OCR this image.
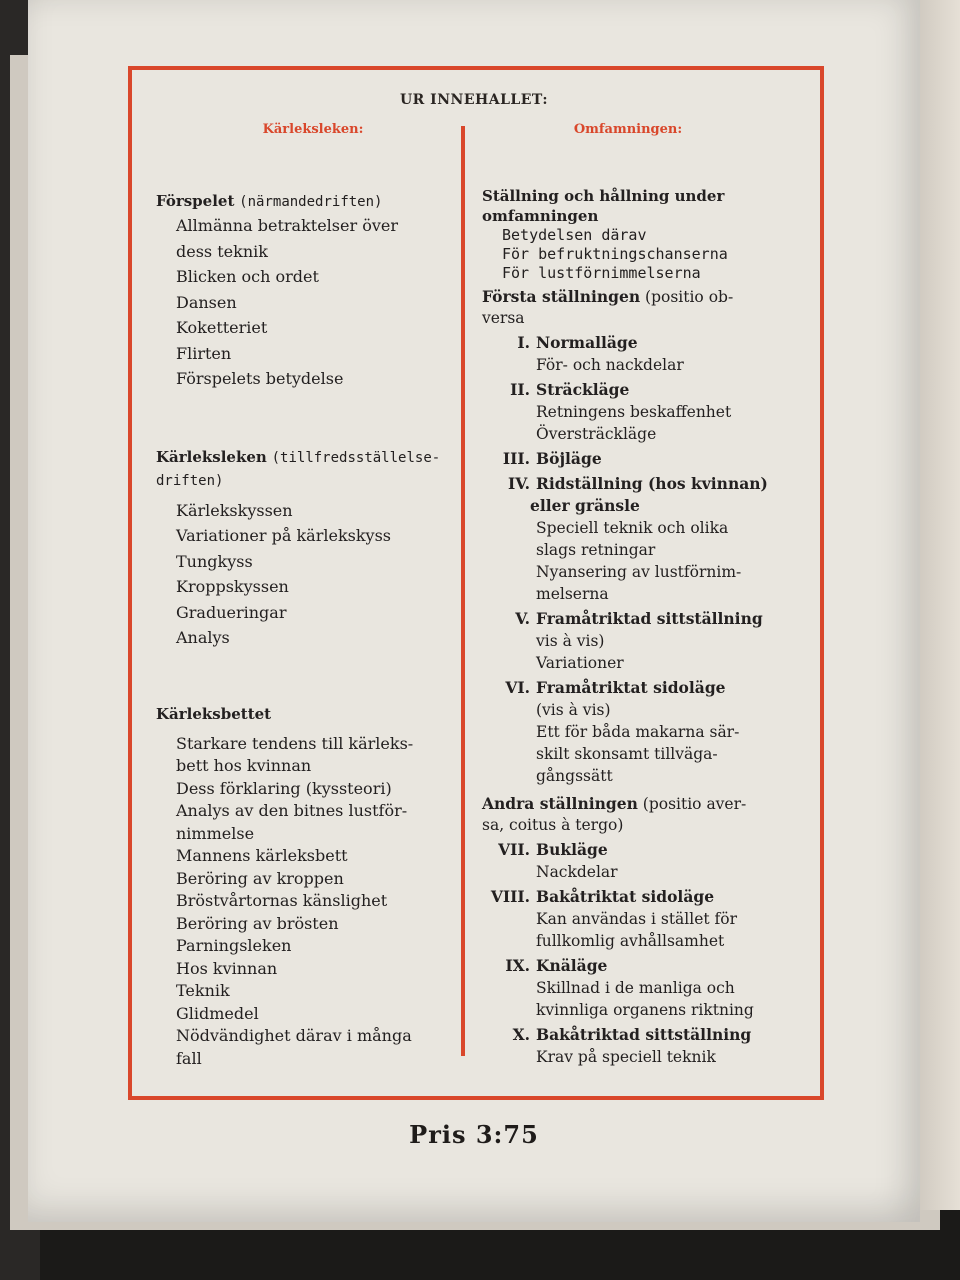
UR INNEHALLET:
Kärleksleken:	Omfamningen:
Förspelet (närmandedriften)
Allmänna betraktelser över
dess teknik
Blicken och ordet
Dansen
Koketteriet
Flirten
Förspelets betydelse
Kärleksleken (tillfredsställelse-
driften)
Kärlekskyssen
Variationer på kärlekskyss
Tungkyss
Kroppskyssen
Gradueringar
Analys
Kärleksbettet
Starkare tendens till kärleks-
bett hos kvinnan
Dess förklaring (kyssteori)
Analys av den bitnes lustför-
nimmelse
Mannens kärleksbett
Beröring av kroppen
Bröstvårtornas känslighet
Beröring av brösten
Parningsleken
Hos kvinnan
Teknik
Glidmedel
Nödvändighet därav i många
fall
Ställning och hållning under
omfamningen
Betydelsen därav
För befruktningschanserna
För lustförnimmelserna
Första ställningen (positio ob-
versa
I. Normalläge
För- och nackdelar
II. Sträckläge
Retningens beskaffenhet
Översträckläge
III. Böjläge
IV. Ridställning (hos kvinnan)
eller gränsle
Speciell teknik och olika
slags retningar
Nyansering av lustförnim-
melserna
V. Framåtriktad sittställning
vis à vis)
Variationer
VI. Framåtriktat sidoläge
(vis à vis)
Ett för båda makarna sär-
skilt skonsamt tillväga-
gångssätt
Andra ställningen (positio aver-
sa, coitus à tergo)
VII. Bukläge
Nackdelar
VIII. Bakåtriktat sidoläge
Kan användas i stället för
fullkomlig avhållsamhet
IX. Knäläge
Skillnad i de manliga och
kvinnliga organens riktning
X. Bakåtriktad sittställning
Krav på speciell teknik
Pris 3:75
